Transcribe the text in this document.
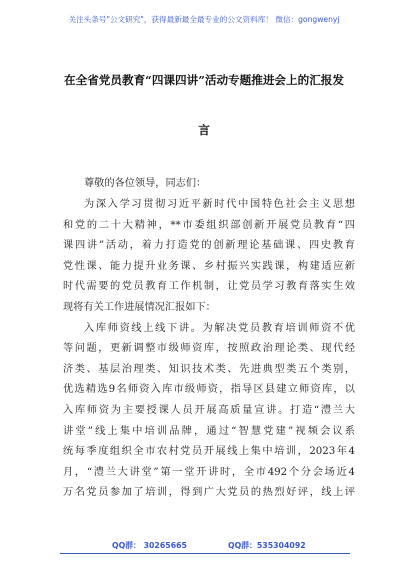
关注头条号"公文研究"，获得最新最全最专业的公文资料库！ 微信：gongwenyj
在全省党员教育“四课四讲”活动专题推进会上的汇报发
言
尊敬的各位领导，同志们：
为深入学习贯彻习近平新时代中国特色社会主义思想
和党的二十大精神，**市委组织部创新开展党员教育“四
课四讲”活动，着力打造党的创新理论基础课、四史教育
党性课、能力提升业务课、乡村振兴实践课，构建适应新
时代需要的党员教育工作机制，让党员学习教育落实生效
现将有关工作进展情况汇报如下：
入库师资线上线下讲。为解决党员教育培训师资不优
等问题，更新调整市级师资库，按照政治理论类、现代经
济类、基层治理类、知识技术类、先进典型类五个类别，
优选精选9名师资入库市级师资，指导区县建立师资库，以
入库师资为主要授课人员开展高质量宣讲。打造“澧兰大
讲堂”线上集中培训品牌，通过“智慧党建”视频会议系
统每季度组织全市农村党员开展线上集中培训，2023年4
月，“澧兰大讲堂”第一堂开讲时，全市492个分会场近4
万名党员参加了培训，得到广大党员的热烈好评，线上评
QQ群： 30265665	QQ群：535304092
